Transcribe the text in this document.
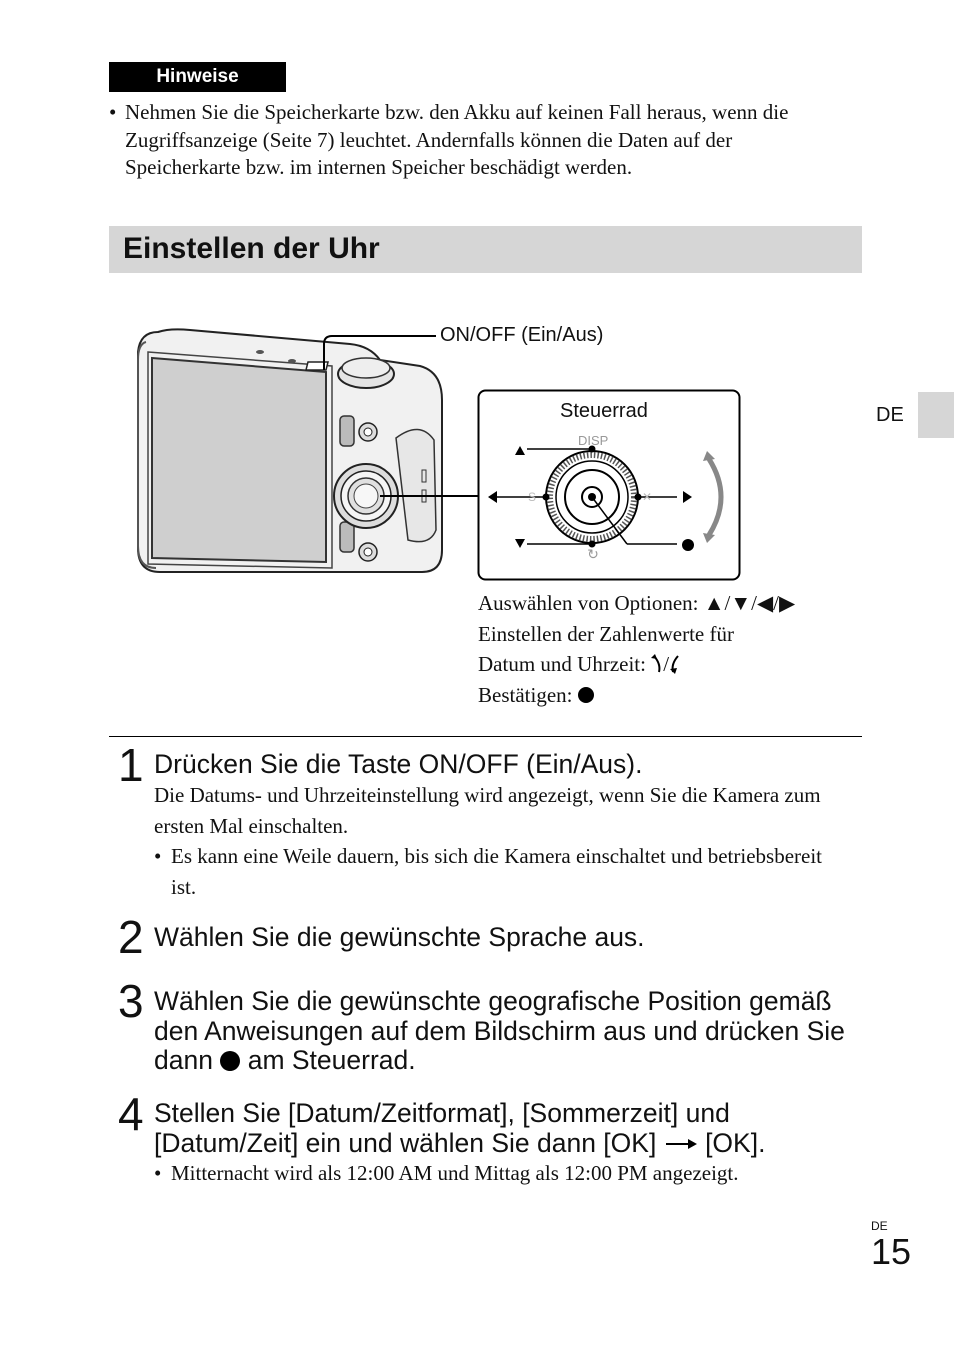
Hinweise
• Nehmen Sie die Speicherkarte bzw. den Akku auf keinen Fall heraus, wenn die Zugriffsanzeige (Seite 7) leuchtet. Andernfalls können die Daten auf der Speicherkarte bzw. im internen Speicher beschädigt werden.
Einstellen der Uhr
DE
ON/OFF (Ein/Aus)
↻
S	✕
DISP
Steuerrad
Auswählen von Optionen: ▲/▼/◀/▶
Einstellen der Zahlenwerte für
Datum und Uhrzeit: /
Bestätigen:
1 Drücken Sie die Taste ON/OFF (Ein/Aus).
Die Datums- und Uhrzeiteinstellung wird angezeigt, wenn Sie die Kamera zum ersten Mal einschalten.
• Es kann eine Weile dauern, bis sich die Kamera einschaltet und betriebsbereit ist.
2 Wählen Sie die gewünschte Sprache aus.
3 Wählen Sie die gewünschte geografische Position gemäß den Anweisungen auf dem Bildschirm aus und drücken Sie dann am Steuerrad.
4 Stellen Sie [Datum/Zeitformat], [Sommerzeit] und [Datum/Zeit] ein und wählen Sie dann [OK] [OK].
• Mitternacht wird als 12:00 AM und Mittag als 12:00 PM angezeigt.
DE
15
